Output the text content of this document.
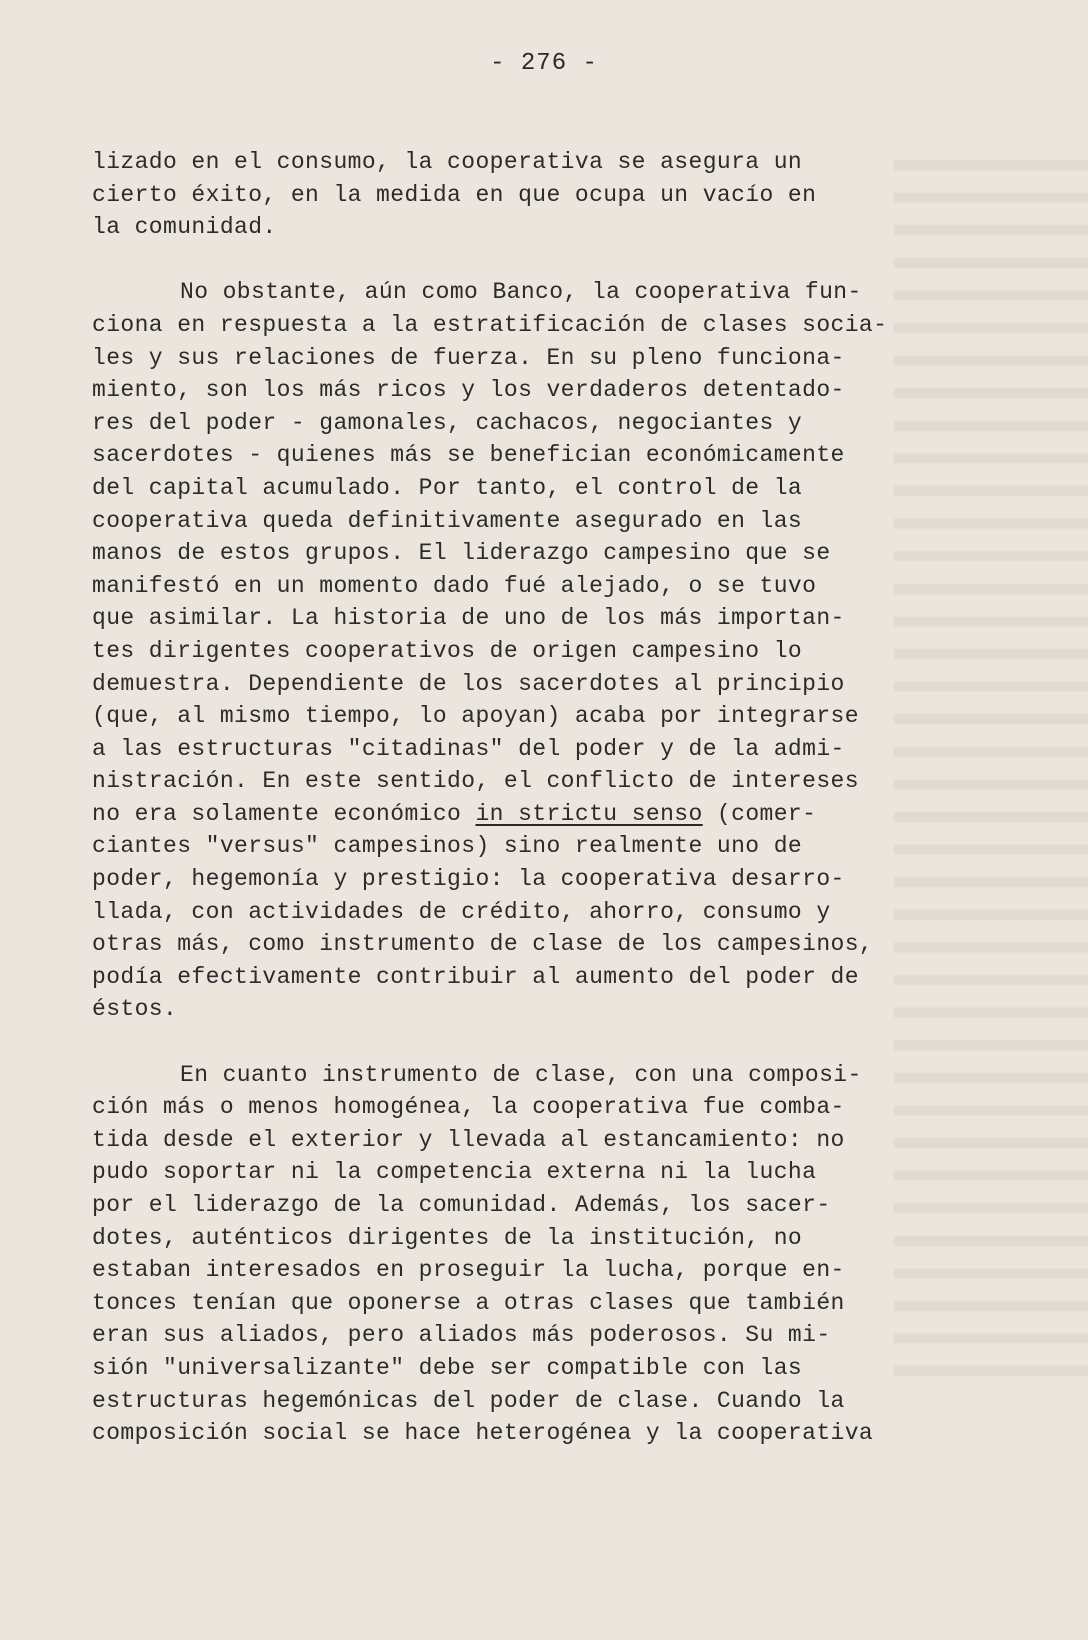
- 276 -
lizado en el consumo, la cooperativa se asegura un
cierto éxito, en la medida en que ocupa un vacío en
la comunidad.
No obstante, aún como Banco, la cooperativa fun-
ciona en respuesta a la estratificación de clases socia-
les y sus relaciones de fuerza. En su pleno funciona-
miento, son los más ricos y los verdaderos detentado-
res del poder - gamonales, cachacos, negociantes y
sacerdotes - quienes más se benefician económicamente
del capital acumulado. Por tanto, el control de la
cooperativa queda definitivamente asegurado en las
manos de estos grupos. El liderazgo campesino que se
manifestó en un momento dado fué alejado, o se tuvo
que asimilar. La historia de uno de los más importan-
tes dirigentes cooperativos de origen campesino lo
demuestra. Dependiente de los sacerdotes al principio
(que, al mismo tiempo, lo apoyan) acaba por integrarse
a las estructuras "citadinas" del poder y de la admi-
nistración. En este sentido, el conflicto de intereses
no era solamente económico in strictu senso (comer-
ciantes "versus" campesinos) sino realmente uno de
poder, hegemonía y prestigio: la cooperativa desarro-
llada, con actividades de crédito, ahorro, consumo y
otras más, como instrumento de clase de los campesinos,
podía efectivamente contribuir al aumento del poder de
éstos.
En cuanto instrumento de clase, con una composi-
ción más o menos homogénea, la cooperativa fue comba-
tida desde el exterior y llevada al estancamiento: no
pudo soportar ni la competencia externa ni la lucha
por el liderazgo de la comunidad. Además, los sacer-
dotes, auténticos dirigentes de la institución, no
estaban interesados en proseguir la lucha, porque en-
tonces tenían que oponerse a otras clases que también
eran sus aliados, pero aliados más poderosos. Su mi-
sión "universalizante" debe ser compatible con las
estructuras hegemónicas del poder de clase. Cuando la
composición social se hace heterogénea y la cooperativa
